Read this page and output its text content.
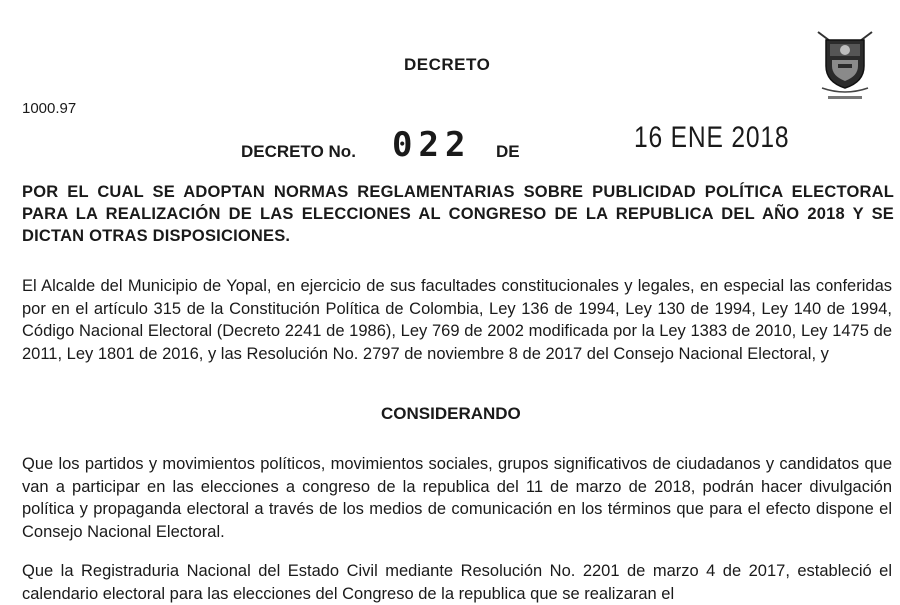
DECRETO
1000.97
DECRETO No. 022 DE	16 ENE 2018
POR EL CUAL SE ADOPTAN NORMAS REGLAMENTARIAS SOBRE PUBLICIDAD POLÍTICA ELECTORAL PARA LA REALIZACIÓN DE LAS ELECCIONES AL CONGRESO DE LA REPUBLICA DEL AÑO 2018 Y SE DICTAN OTRAS DISPOSICIONES.
El Alcalde del Municipio de Yopal, en ejercicio de sus facultades constitucionales y legales, en especial las conferidas por en el artículo 315 de la Constitución Política de Colombia, Ley 136 de 1994, Ley 130 de 1994, Ley 140 de 1994, Código Nacional Electoral (Decreto 2241 de 1986), Ley 769 de 2002 modificada por la Ley 1383 de 2010, Ley 1475 de 2011, Ley 1801 de 2016, y las Resolución No. 2797 de noviembre 8 de 2017 del Consejo Nacional Electoral, y
CONSIDERANDO
Que los partidos y movimientos políticos, movimientos sociales, grupos significativos de ciudadanos y candidatos que van a participar en las elecciones a congreso de la republica del 11 de marzo de 2018, podrán hacer divulgación política y propaganda electoral a través de los medios de comunicación en los términos que para el efecto dispone el Consejo Nacional Electoral.
Que la Registraduria Nacional del Estado Civil mediante Resolución No. 2201 de marzo 4 de 2017, estableció el calendario electoral para las elecciones del Congreso de la republica que se realizaran el
